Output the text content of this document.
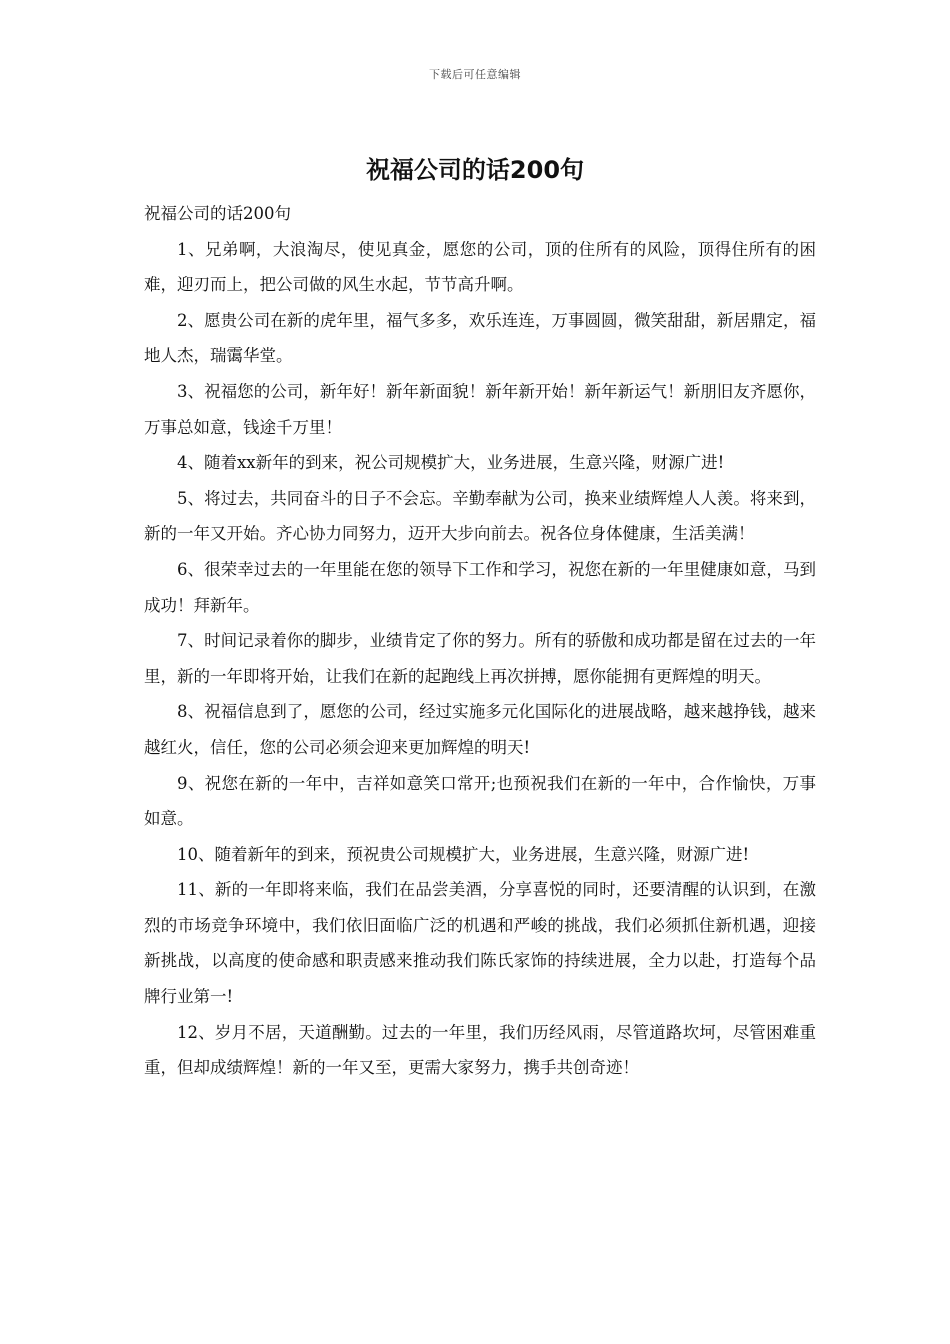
下载后可任意编辑
祝福公司的话200句

祝福公司的话200句

1、兄弟啊，大浪淘尽，使见真金，愿您的公司，顶的住所有的风险，顶得住所有的困难，迎刃而上，把公司做的风生水起，节节高升啊。

2、愿贵公司在新的虎年里，福气多多，欢乐连连，万事圆圆，微笑甜甜，新居鼎定，福地人杰，瑞霭华堂。

3、祝福您的公司，新年好！新年新面貌！新年新开始！新年新运气！新朋旧友齐愿你，万事总如意，钱途千万里！

4、随着xx新年的到来，祝公司规模扩大，业务进展，生意兴隆，财源广进!

5、将过去，共同奋斗的日子不会忘。辛勤奉献为公司，换来业绩辉煌人人羡。将来到，新的一年又开始。齐心协力同努力，迈开大步向前去。祝各位身体健康，生活美满！

6、很荣幸过去的一年里能在您的领导下工作和学习，祝您在新的一年里健康如意，马到成功！拜新年。

7、时间记录着你的脚步，业绩肯定了你的努力。所有的骄傲和成功都是留在过去的一年里，新的一年即将开始，让我们在新的起跑线上再次拼搏，愿你能拥有更辉煌的明天。

8、祝福信息到了，愿您的公司，经过实施多元化国际化的进展战略，越来越挣钱，越来越红火，信任，您的公司必须会迎来更加辉煌的明天!

9、祝您在新的一年中，吉祥如意笑口常开;也预祝我们在新的一年中，合作愉快，万事如意。

10、随着新年的到来，预祝贵公司规模扩大，业务进展，生意兴隆，财源广进!

11、新的一年即将来临，我们在品尝美酒，分享喜悦的同时，还要清醒的认识到，在激烈的市场竞争环境中，我们依旧面临广泛的机遇和严峻的挑战，我们必须抓住新机遇，迎接新挑战，以高度的使命感和职责感来推动我们陈氏家饰的持续进展，全力以赴，打造每个品牌行业第一!

12、岁月不居，天道酬勤。过去的一年里，我们历经风雨，尽管道路坎坷，尽管困难重重，但却成绩辉煌！新的一年又至，更需大家努力，携手共创奇迹！
